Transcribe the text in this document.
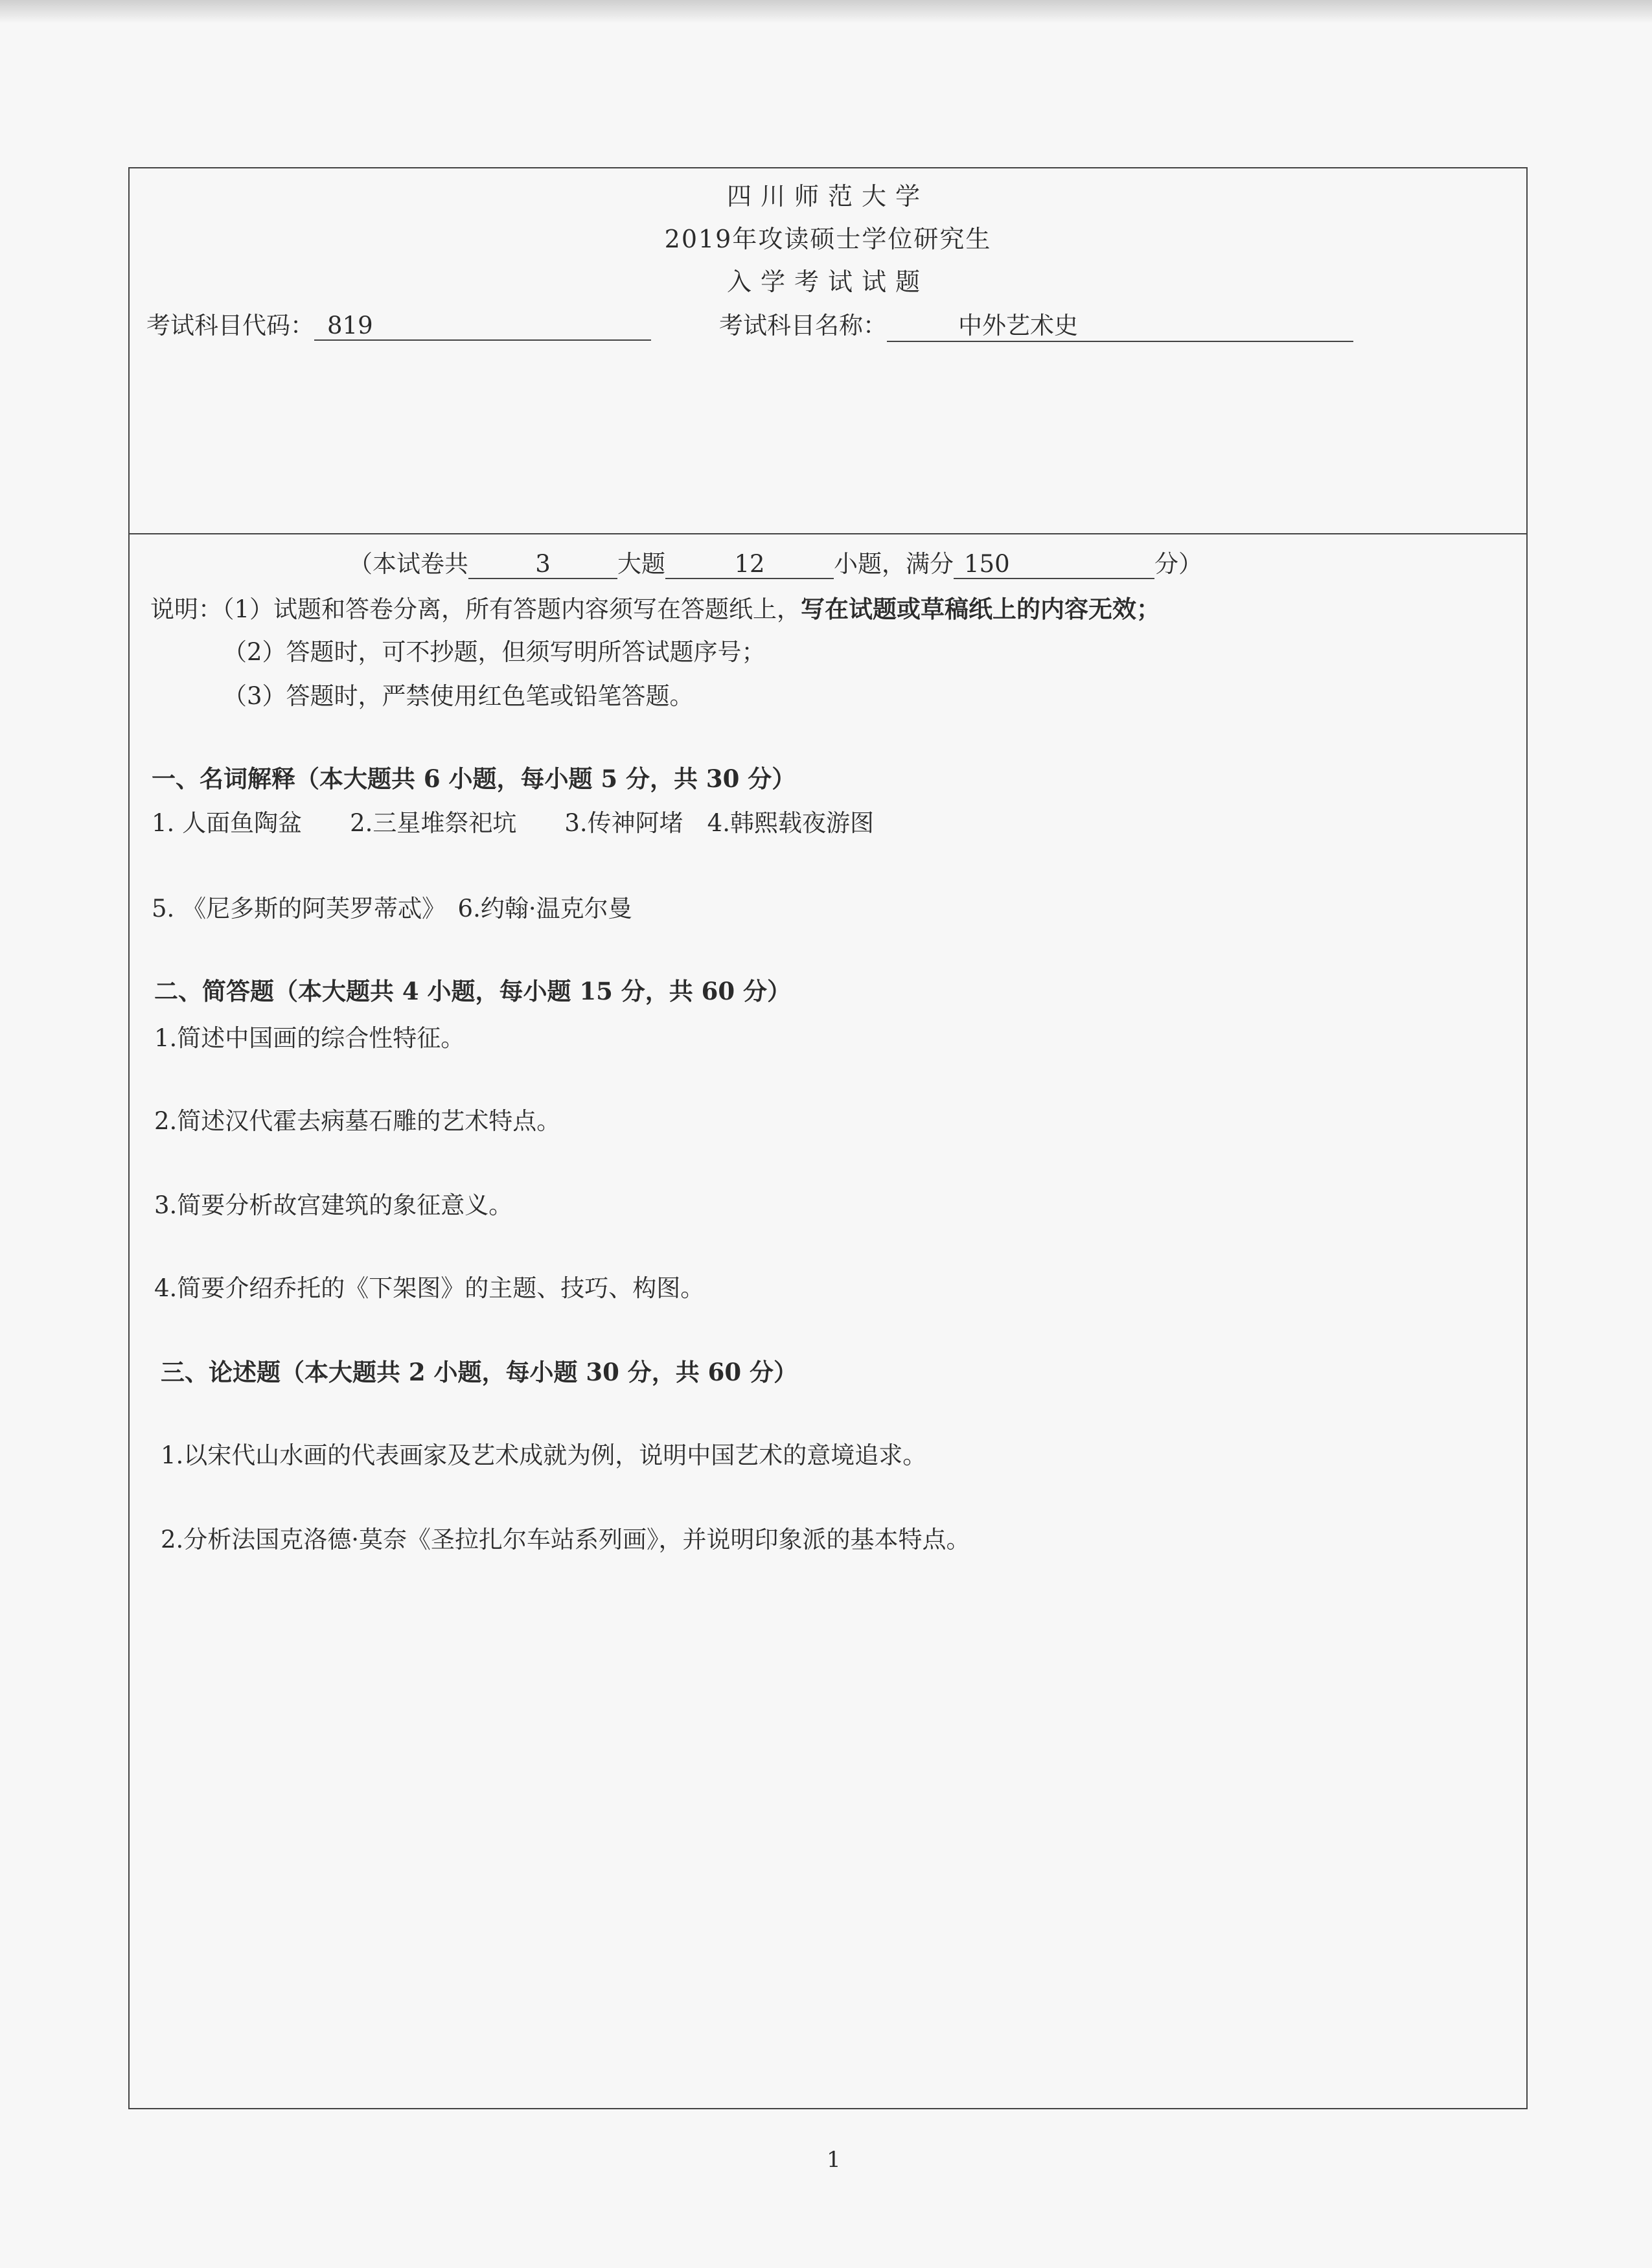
四川师范大学
2019年攻读硕士学位研究生
入学考试试题
考试科目代码： 819	考试科目名称：	中外艺术史
（本试卷共	3	大题	12	小题，满分 150	分）
说明：（1）试题和答卷分离，所有答题内容须写在答题纸上，写在试题或草稿纸上的内容无效；
（2）答题时，可不抄题，但须写明所答试题序号；
（3）答题时，严禁使用红色笔或铅笔答题。
一、名词解释（本大题共 6 小题，每小题 5 分，共 30 分）
1. 人面鱼陶盆　　2.三星堆祭祀坑　　3.传神阿堵　4.韩熙载夜游图
5. 《尼多斯的阿芙罗蒂忒》　6.约翰·温克尔曼
二、简答题（本大题共 4 小题，每小题 15 分，共 60 分）
1.简述中国画的综合性特征。
2.简述汉代霍去病墓石雕的艺术特点。
3.简要分析故宫建筑的象征意义。
4.简要介绍乔托的《下架图》的主题、技巧、构图。
三、论述题（本大题共 2 小题，每小题 30 分，共 60 分）
1.以宋代山水画的代表画家及艺术成就为例，说明中国艺术的意境追求。
2.分析法国克洛德·莫奈《圣拉扎尔车站系列画》，并说明印象派的基本特点。
1
